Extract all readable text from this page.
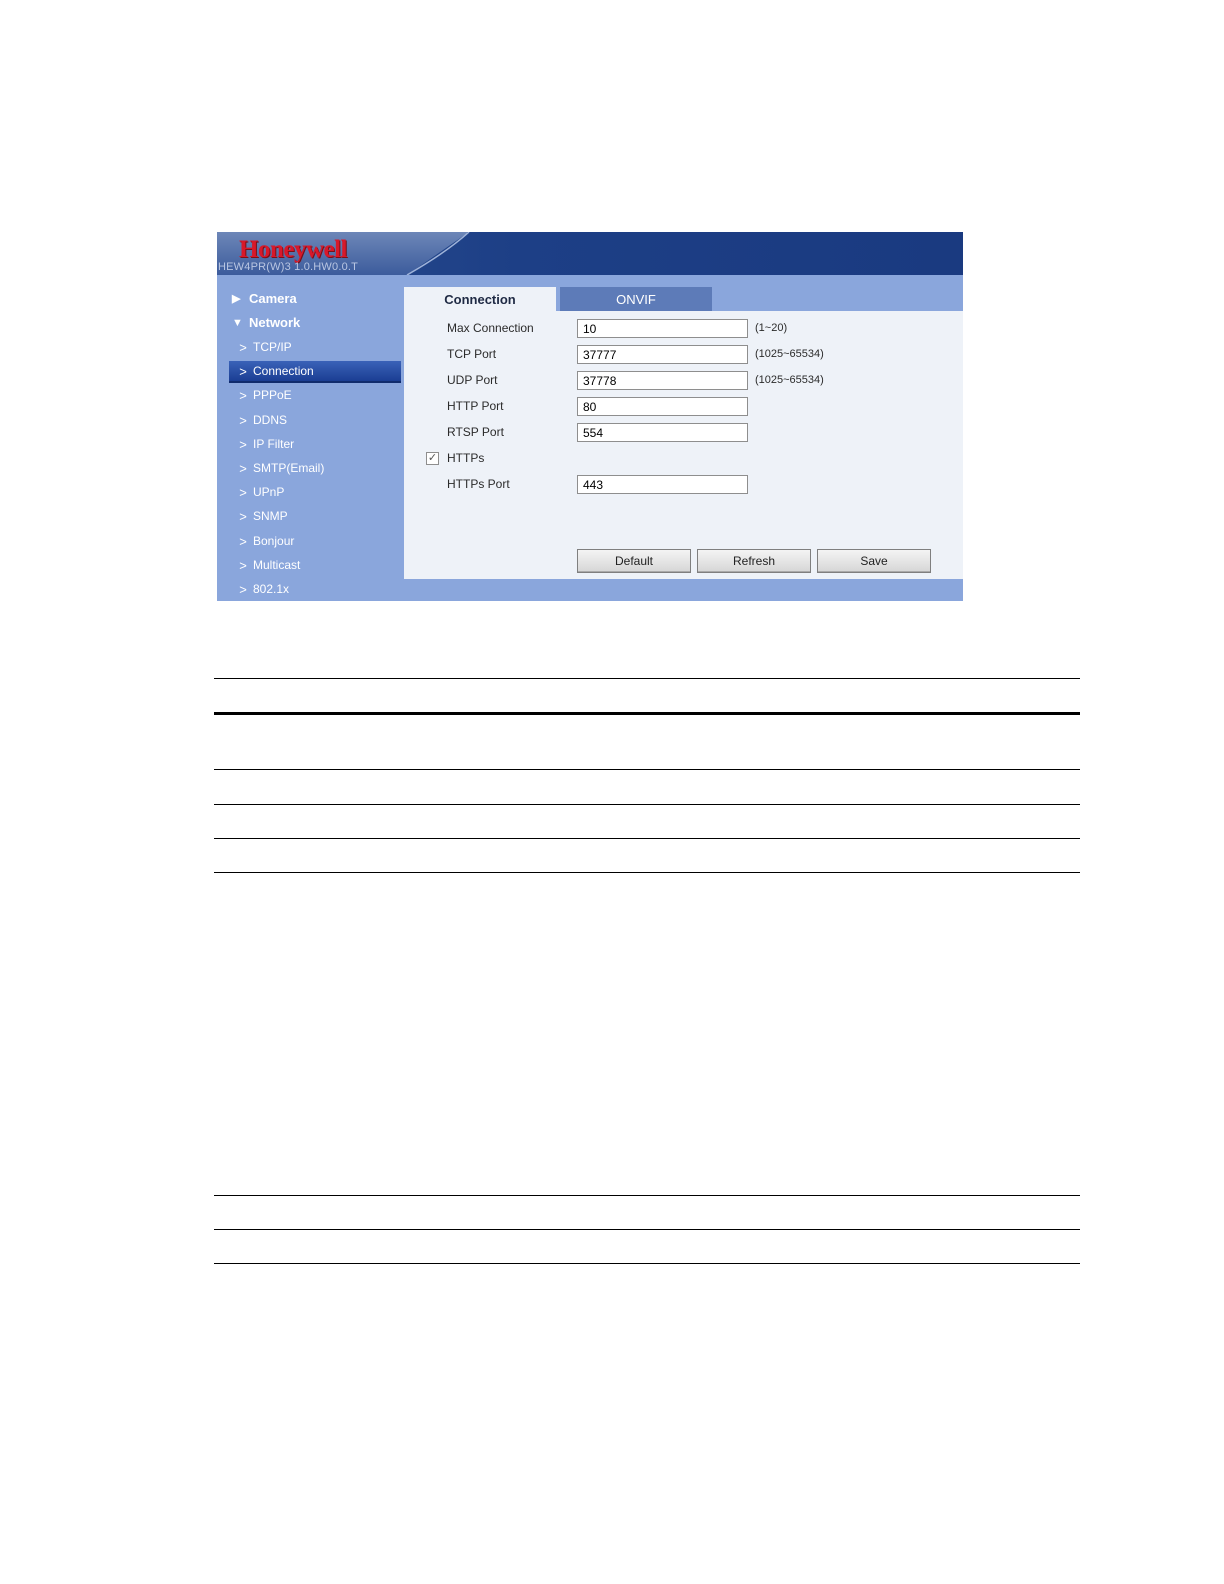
Honeywell
HEW4PR(W)3 1.0.HW0.0.T
▶ Camera
▼ Network
> TCP/IP
> Connection
> PPPoE
> DDNS
> IP Filter
> SMTP(Email)
> UPnP
> SNMP
> Bonjour
> Multicast
> 802.1x
Connection	ONVIF
Max Connection	10	(1~20)
TCP Port	37777	(1025~65534)
UDP Port	37778	(1025~65534)
HTTP Port	80
RTSP Port	554
✓ HTTPs
HTTPs Port	443
Default	Refresh	Save
